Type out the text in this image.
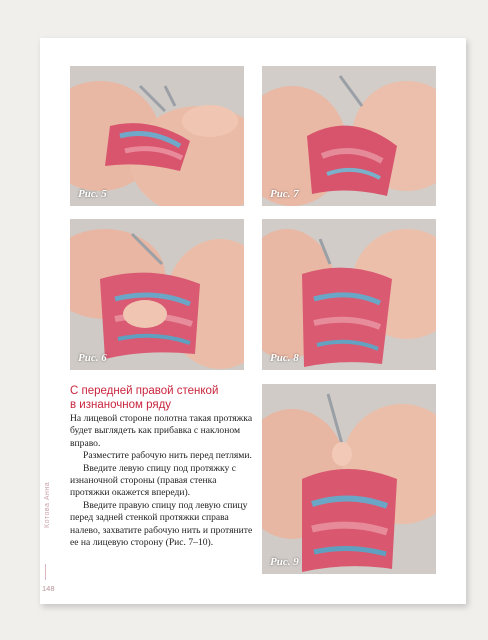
Рис. 5	Рис. 7
Рис. 6	Рис. 8
Рис. 9
С передней правой стенкой
в изнаночном ряду

На лицевой стороне полотна такая протяжка будет выглядеть как прибавка с наклоном вправо.

Разместите рабочую нить перед петлями.

Введите левую спицу под протяжку с изнаночной стороны (правая стенка протяжки окажется впереди).

Введите правую спицу под левую спицу перед задней стенкой протяжки справа налево, захватите рабочую нить и протяните ее на лицевую сторону (Рис. 7–10).

Котова Анна
148
